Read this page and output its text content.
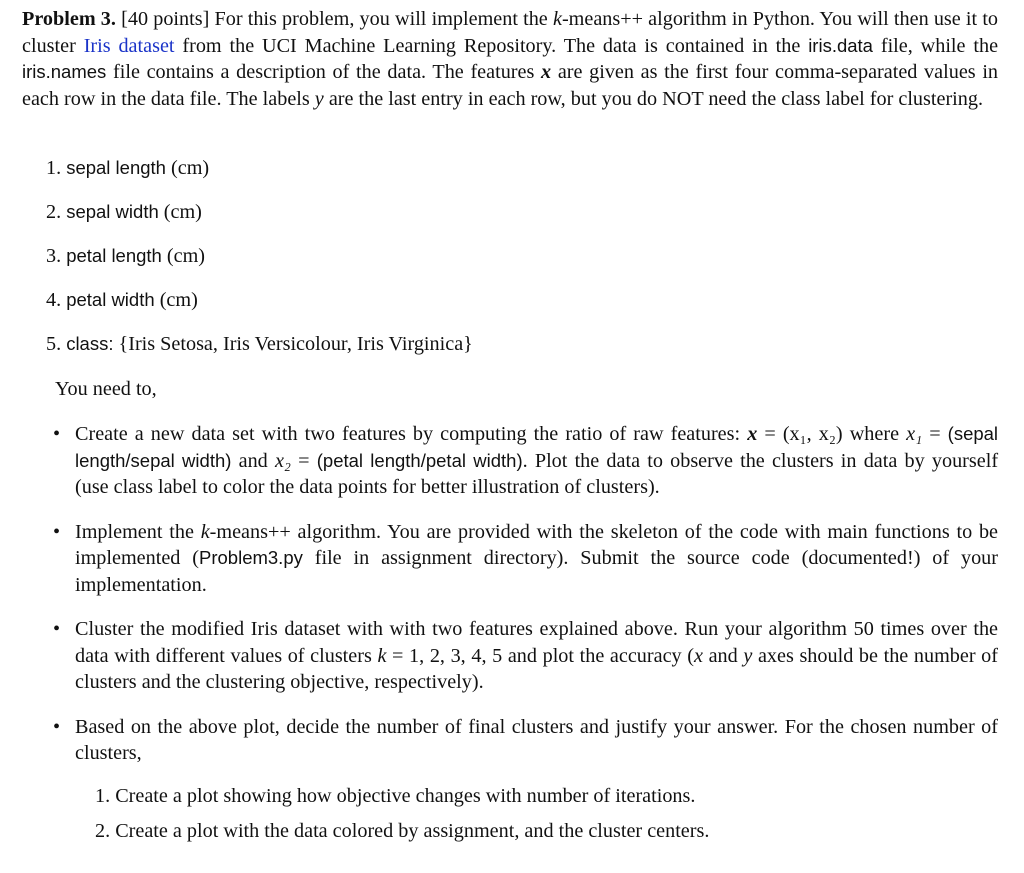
Problem 3. [40 points] For this problem, you will implement the k-means++ algorithm in Python. You will then use it to cluster Iris dataset from the UCI Machine Learning Repository. The data is contained in the iris.data file, while the iris.names file contains a description of the data. The features x are given as the first four comma-separated values in each row in the data file. The labels y are the last entry in each row, but you do NOT need the class label for clustering.
1. sepal length (cm)
2. sepal width (cm)
3. petal length (cm)
4. petal width (cm)
5. class: {Iris Setosa, Iris Versicolour, Iris Virginica}
You need to,
• Create a new data set with two features by computing the ratio of raw features: x = (x₁, x₂) where x₁ = (sepal length/sepal width) and x₂ = (petal length/petal width). Plot the data to observe the clusters in data by yourself (use class label to color the data points for better illustration of clusters).
• Implement the k-means++ algorithm. You are provided with the skeleton of the code with main functions to be implemented (Problem3.py file in assignment directory). Submit the source code (documented!) of your implementation.
• Cluster the modified Iris dataset with with two features explained above. Run your algorithm 50 times over the data with different values of clusters k = 1, 2, 3, 4, 5 and plot the accuracy (x and y axes should be the number of clusters and the clustering objective, respectively).
• Based on the above plot, decide the number of final clusters and justify your answer. For the chosen number of clusters,
1. Create a plot showing how objective changes with number of iterations.
2. Create a plot with the data colored by assignment, and the cluster centers.
